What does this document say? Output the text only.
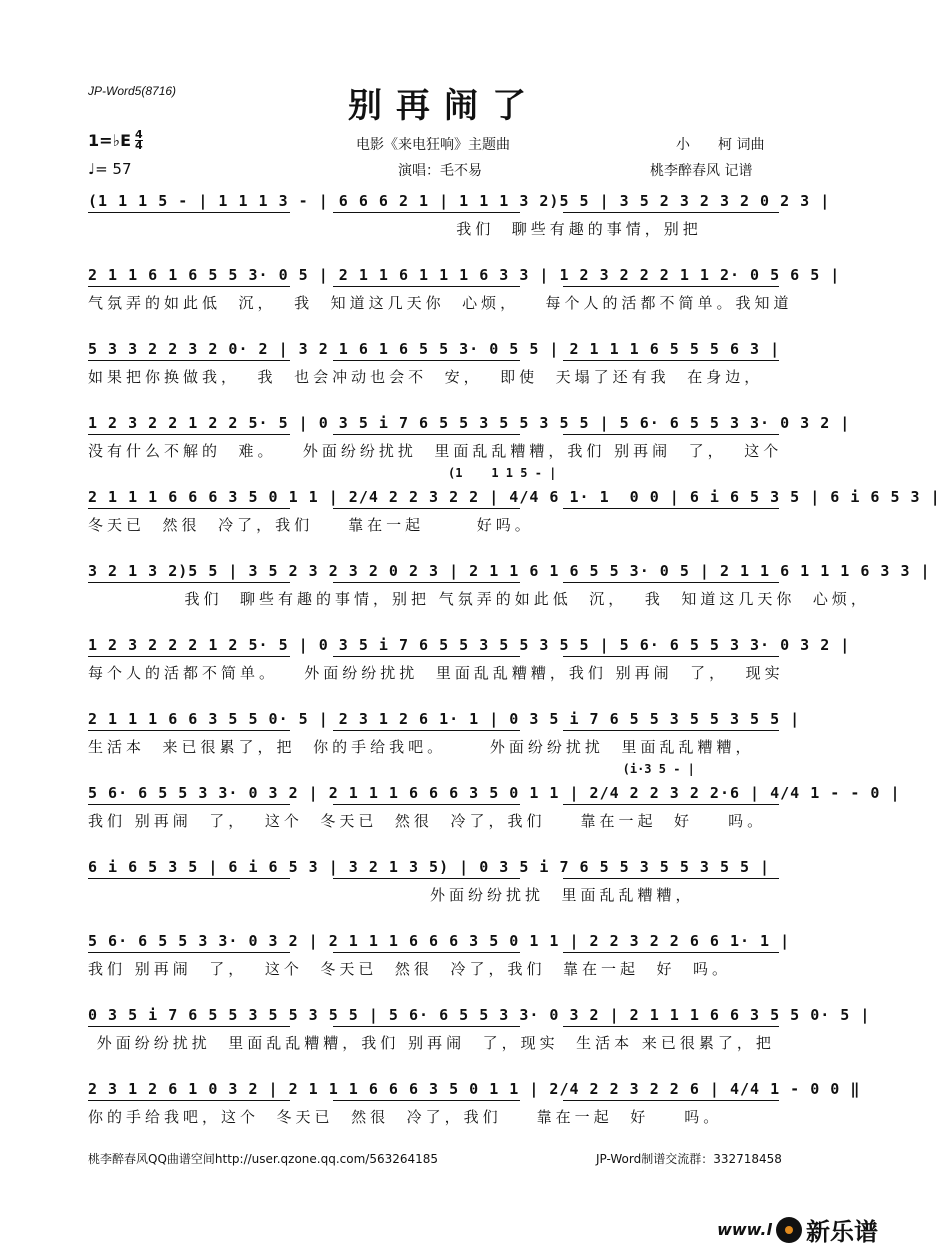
JP-Word5(8716)	别再闹了
1=♭E 4
4
♩= 57
电影《来电狂响》主题曲
演唱：毛不易
小　　柯 词曲
桃李醉春风 记谱
(1 1 1 5 - | 1 1 1 3 - | 6 6 6 2 1 | 1 1 1 3 2)5 5 | 3 5 2 3 2 3 2 0 2 3 |
我们  聊些有趣的事情，别把
2 1 1 6 1 6 5 5 3· 0 5 | 2 1 1 6 1 1 1 6 3 3 | 1 2 3 2 2 2 1 1 2· 0 5 6 5 |
气氛弄的如此低  沉，  我  知道这几天你  心烦，   每个人的活都不简单。我知道
5 3 3 2 2 3 2 0· 2 | 3 2 1 6 1 6 5 5 3· 0 5 5 | 2 1 1 1 6 5 5 5 6 3 |
如果把你换做我，  我  也会冲动也会不  安，  即使  天塌了还有我  在身边，
1 2 3 2 2 1 2 2 5· 5 | 0 3 5 i 7 6 5 5 3 5 5 3 5 5 | 5 6· 6 5 5 3 3· 0 3 2 |
没有什么不解的  难。   外面纷纷扰扰  里面乱乱糟糟，我们 别再闹  了，  这个
(1    1 1 5 - |
2 1 1 1 6 6 6 3 5 0 1 1 | 2/4 2 2 3 2 2 | 4/4 6 1· 1  0 0 | 6 i 6 5 3 5 | 6 i 6 5 3 |
冬天已  然很  冷了，我们    靠在一起      好吗。
3 2 1 3 2)5 5 | 3 5 2 3 2 3 2 0 2 3 | 2 1 1 6 1 6 5 5 3· 0 5 | 2 1 1 6 1 1 1 6 3 3 |
我们  聊些有趣的事情，别把 气氛弄的如此低  沉，  我  知道这几天你  心烦，
1 2 3 2 2 2 1 2 5· 5 | 0 3 5 i 7 6 5 5 3 5 5 3 5 5 | 5 6· 6 5 5 3 3· 0 3 2 |
每个人的活都不简单。   外面纷纷扰扰  里面乱乱糟糟，我们 别再闹  了，  现实
2 1 1 1 6 6 3 5 5 0· 5 | 2 3 1 2 6 1· 1 | 0 3 5 i 7 6 5 5 3 5 5 3 5 5 |
生活本  来已很累了，把  你的手给我吧。     外面纷纷扰扰  里面乱乱糟糟，
(i·3 5 - |
5 6· 6 5 5 3 3· 0 3 2 | 2 1 1 1 6 6 6 3 5 0 1 1 | 2/4 2 2 3 2 2·6 | 4/4 1 - - 0 |
我们 别再闹  了，  这个  冬天已  然很  冷了，我们    靠在一起  好    吗。
6 i 6 5 3 5 | 6 i 6 5 3 | 3 2 1 3 5) | 0 3 5 i 7 6 5 5 3 5 5 3 5 5 |
外面纷纷扰扰  里面乱乱糟糟，
5 6· 6 5 5 3 3· 0 3 2 | 2 1 1 1 6 6 6 3 5 0 1 1 | 2 2 3 2 2 6 6 1· 1 |
我们 别再闹  了，  这个  冬天已  然很  冷了，我们  靠在一起  好  吗。
0 3 5 i 7 6 5 5 3 5 5 3 5 5 | 5 6· 6 5 5 3 3· 0 3 2 | 2 1 1 1 6 6 3 5 5 0· 5 |
外面纷纷扰扰  里面乱乱糟糟，我们 别再闹  了，现实  生活本 来已很累了，把
2 3 1 2 6 1 0 3 2 | 2 1 1 1 6 6 6 3 5 0 1 1 | 2/4 2 2 3 2 2 6 | 4/4 1 - 0 0 ‖
你的手给我吧，这个  冬天已  然很  冷了，我们    靠在一起  好    吗。
桃李醉春风QQ曲谱空间http://user.qzone.qq.com/563264185	JP-Word制谱交流群：332718458
www.l 新乐谱
